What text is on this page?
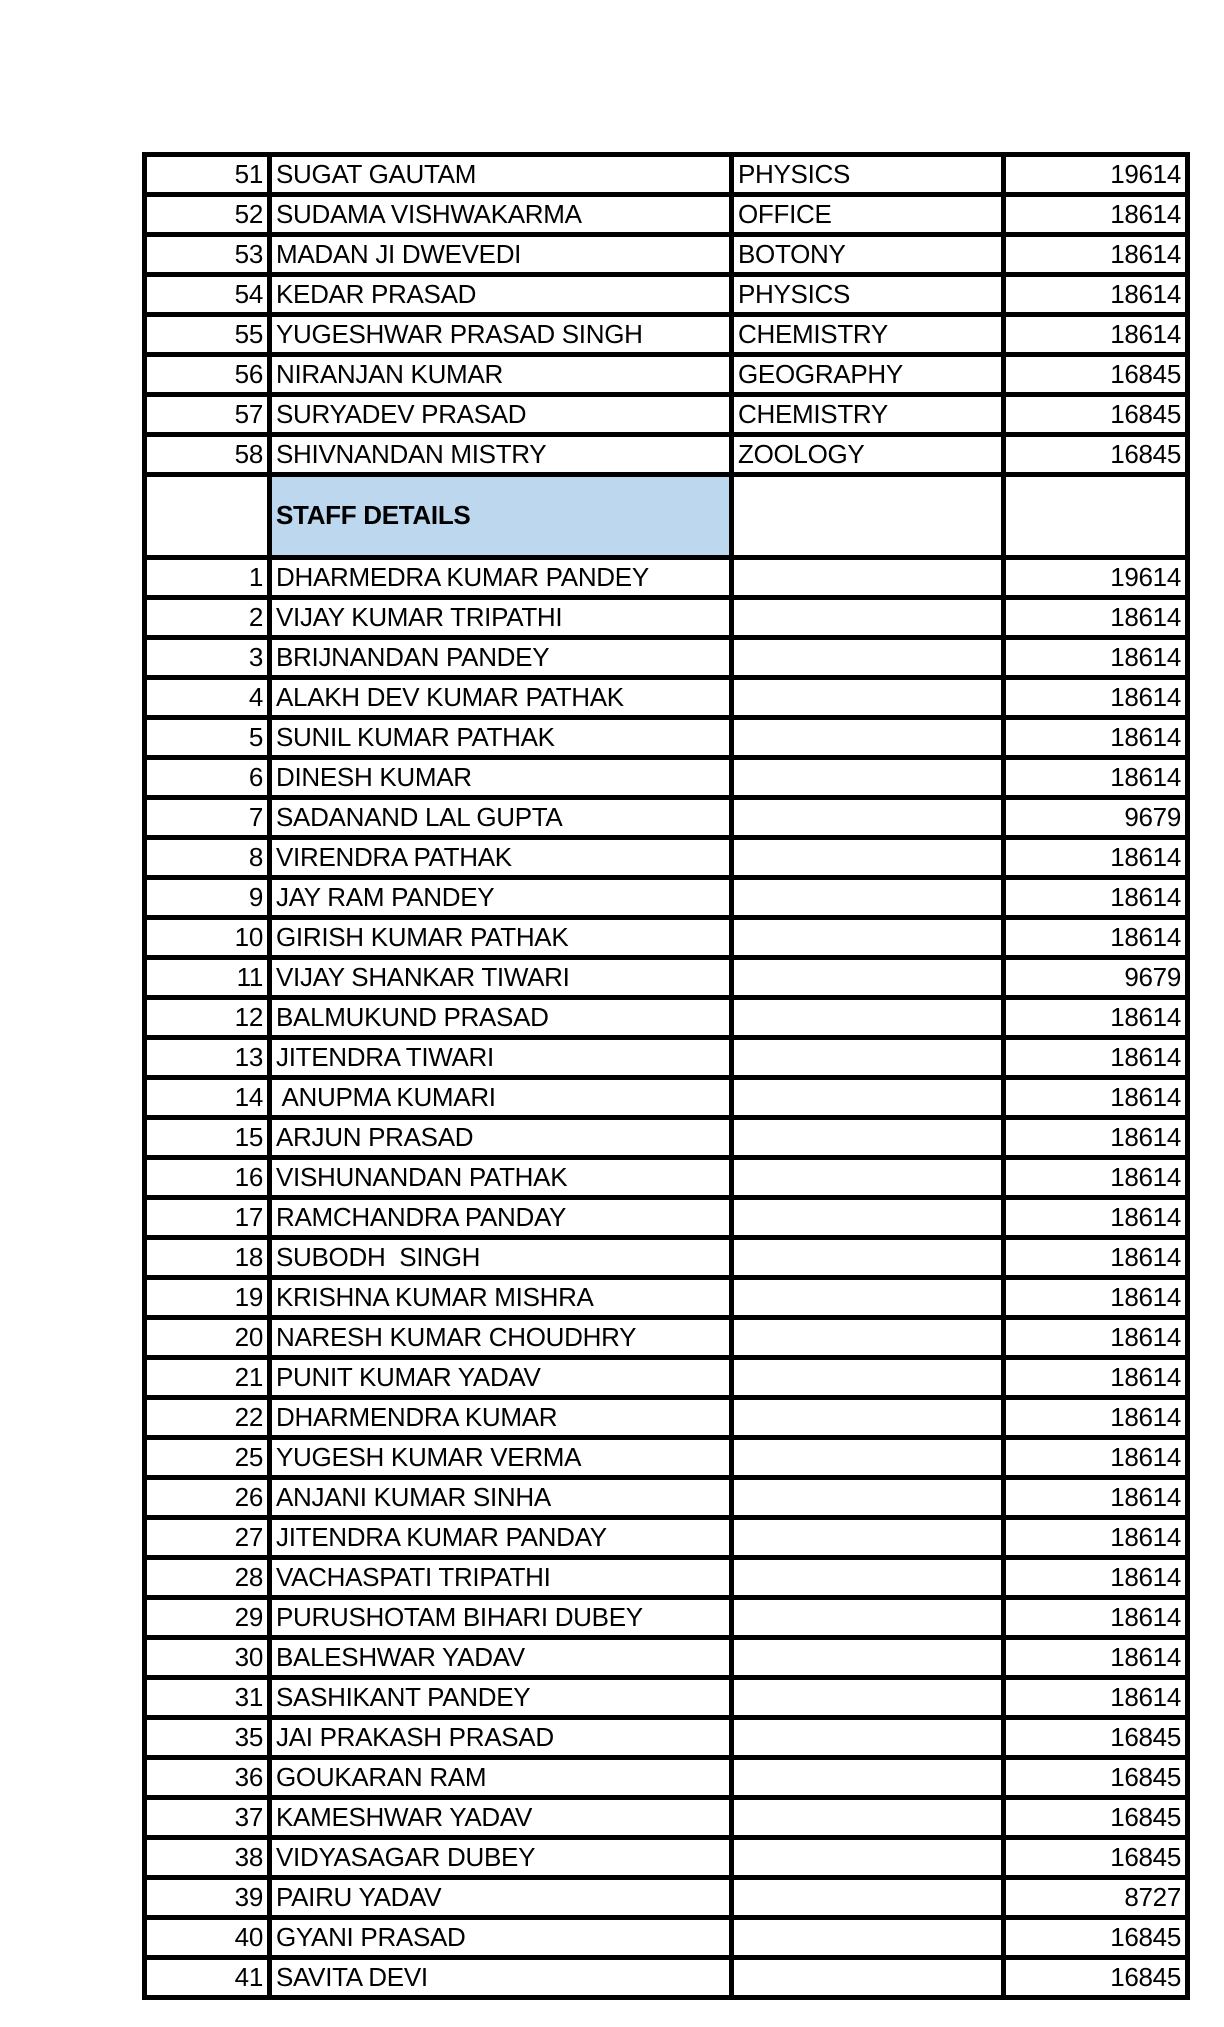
51	SUGAT GAUTAM	PHYSICS	19614
52	SUDAMA VISHWAKARMA	OFFICE	18614
53	MADAN JI DWEVEDI	BOTONY	18614
54	KEDAR PRASAD	PHYSICS	18614
55	YUGESHWAR PRASAD SINGH	CHEMISTRY	18614
56	NIRANJAN KUMAR	GEOGRAPHY	16845
57	SURYADEV PRASAD	CHEMISTRY	16845
58	SHIVNANDAN MISTRY	ZOOLOGY	16845
	STAFF DETAILS		
1	DHARMEDRA KUMAR PANDEY		19614
2	VIJAY KUMAR TRIPATHI		18614
3	BRIJNANDAN PANDEY		18614
4	ALAKH DEV KUMAR PATHAK		18614
5	SUNIL KUMAR PATHAK		18614
6	DINESH KUMAR		18614
7	SADANAND LAL GUPTA		9679
8	VIRENDRA PATHAK		18614
9	JAY RAM PANDEY		18614
10	GIRISH KUMAR PATHAK		18614
11	VIJAY SHANKAR TIWARI		9679
12	BALMUKUND PRASAD		18614
13	JITENDRA TIWARI		18614
14	ANUPMA KUMARI		18614
15	ARJUN PRASAD		18614
16	VISHUNANDAN PATHAK		18614
17	RAMCHANDRA PANDAY		18614
18	SUBODH  SINGH		18614
19	KRISHNA KUMAR MISHRA		18614
20	NARESH KUMAR CHOUDHRY		18614
21	PUNIT KUMAR YADAV		18614
22	DHARMENDRA KUMAR		18614
25	YUGESH KUMAR VERMA		18614
26	ANJANI KUMAR SINHA		18614
27	JITENDRA KUMAR PANDAY		18614
28	VACHASPATI TRIPATHI		18614
29	PURUSHOTAM BIHARI DUBEY		18614
30	BALESHWAR YADAV		18614
31	SASHIKANT PANDEY		18614
35	JAI PRAKASH PRASAD		16845
36	GOUKARAN RAM		16845
37	KAMESHWAR YADAV		16845
38	VIDYASAGAR DUBEY		16845
39	PAIRU YADAV		8727
40	GYANI PRASAD		16845
41	SAVITA DEVI		16845
